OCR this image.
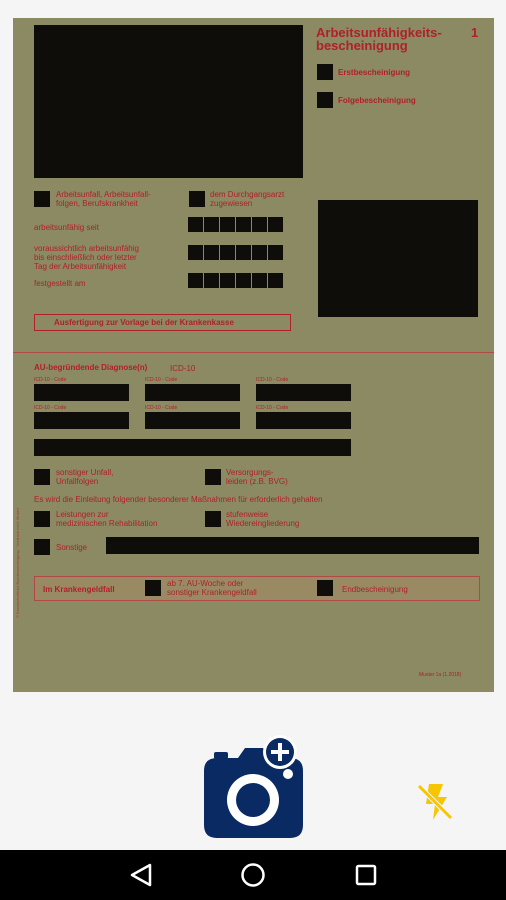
Arbeitsunfähigkeits-
bescheinigung
1
Erstbescheinigung
Folgebescheinigung
Arbeitsunfall, Arbeitsunfall-
folgen, Berufskrankheit
dem Durchgangsarzt
zugewiesen
arbeitsunfähig seit
voraussichtlich arbeitsunfähig
bis einschließlich oder letzter
Tag der Arbeitsunfähigkeit
festgestellt am
Ausfertigung zur Vorlage bei der Krankenkasse
© Kassenärztliche Bundesvereinigung · Vordruck nach Muster
AU-begründende Diagnose(n)	ICD-10
ICD-10 - Code	ICD-10 - Code	ICD-10 - Code
ICD-10 - Code	ICD-10 - Code	ICD-10 - Code
sonstiger Unfall,
Unfallfolgen
Versorgungs-
leiden (z.B. BVG)
Es wird die Einleitung folgender besonderer Maßnahmen für erforderlich gehalten
Leistungen zur
medizinischen Rehabilitation
stufenweise
Wiedereingliederung
Sonstige
Im Krankengeldfall
ab 7. AU-Woche oder
sonstiger Krankengeldfall	Endbescheinigung
Muster 1a (1.2018)
